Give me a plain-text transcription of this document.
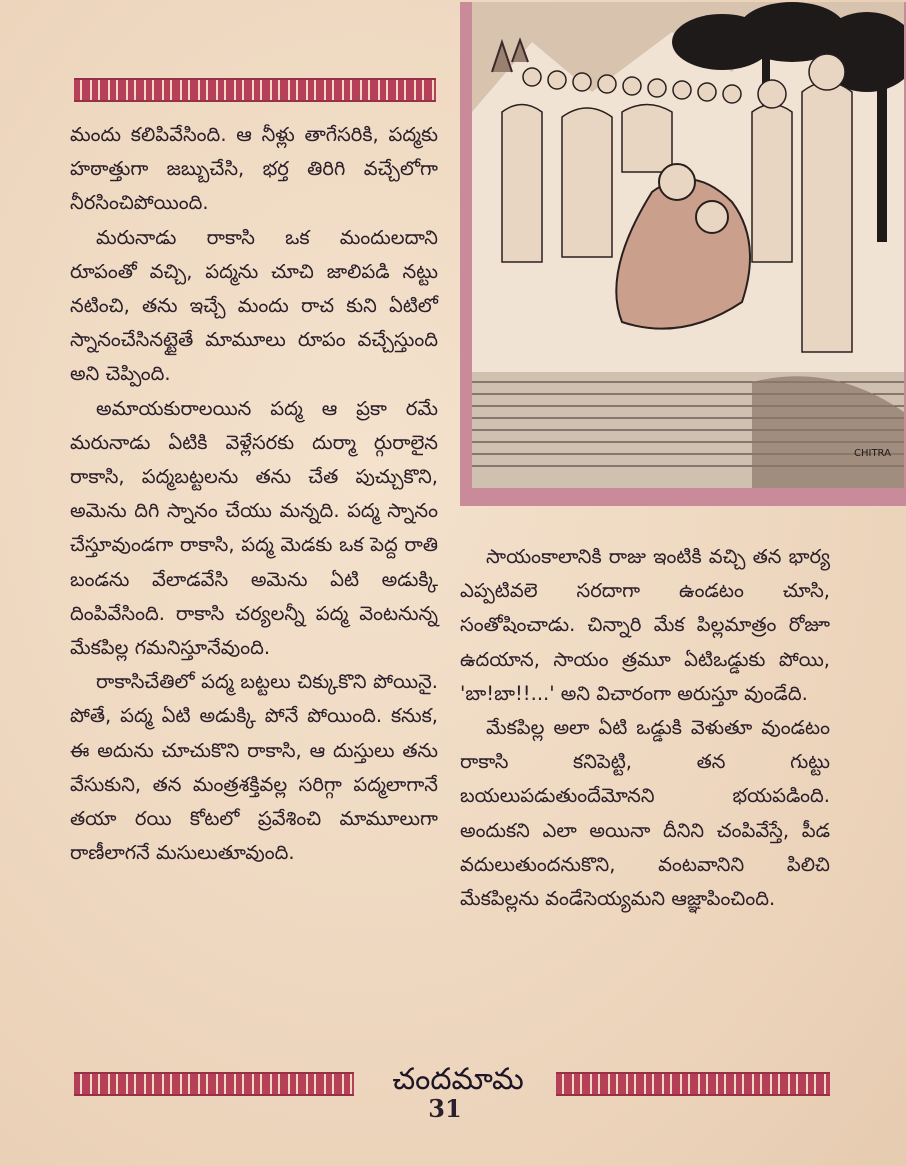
మందు కలిపివేసింది. ఆ నీళ్లు తాగేసరికి, పద్మకు హఠాత్తుగా జబ్బుచేసి, భర్త తిరిగి వచ్చేలోగా నీరసించిపోయింది.

మరునాడు రాకాసి ఒక మందులదాని రూపంతో వచ్చి, పద్మను చూచి జాలిపడి నట్టు నటించి, తను ఇచ్చే మందు రాచ కుని ఏటిలో స్నానంచేసినట్టైతే మామూలు రూపం వచ్చేస్తుంది అని చెప్పింది.

అమాయకురాలయిన పద్మ ఆ ప్రకా రమే మరునాడు ఏటికి వెళ్లేసరకు దుర్మా ర్గురాలైన రాకాసి, పద్మబట్టలను తను చేత పుచ్చుకొని, అమెను దిగి స్నానం చేయు మన్నది. పద్మ స్నానం చేస్తూవుండగా రాకాసి, పద్మ మెడకు ఒక పెద్ద రాతి బండను వేలాడవేసి అమెను ఏటి అడుక్కి దింపివేసింది. రాకాసి చర్యలన్నీ పద్మ వెంటనున్న మేకపిల్ల గమనిస్తూనేవుంది.

రాకాసిచేతిలో పద్మ బట్టలు చిక్కుకొని పోయినై. పోతే, పద్మ ఏటి అడుక్కి పోనే పోయింది. కనుక, ఈ అదును చూచుకొని రాకాసి, ఆ దుస్తులు తను వేసుకుని, తన మంత్రశక్తివల్ల సరిగ్గా పద్మలాగానే తయా రయి కోటలో ప్రవేశించి మామూలుగా రాణీలాగనే మసులుతూవుంది.

CHITRA

సాయంకాలానికి రాజు ఇంటికి వచ్చి తన భార్య ఎప్పటివలె సరదాగా ఉండటం చూసి, సంతోషించాడు. చిన్నారి మేక పిల్లమాత్రం రోజూ ఉదయాన, సాయం త్రమూ ఏటిఒడ్డుకు పోయి, 'బా!బా!!...' అని విచారంగా అరుస్తూ వుండేది.

మేకపిల్ల అలా ఏటి ఒడ్డుకి వెళుతూ వుండటం రాకాసి కనిపెట్టి, తన గుట్టు బయలుపడుతుందేమోనని భయపడింది. అందుకని ఎలా అయినా దీనిని చంపివేస్తే, పీడ వదులుతుందనుకొని, వంటవానిని పిలిచి మేకపిల్లను వండేసెయ్యమని ఆజ్ఞాపించింది.

చందమామ
31
